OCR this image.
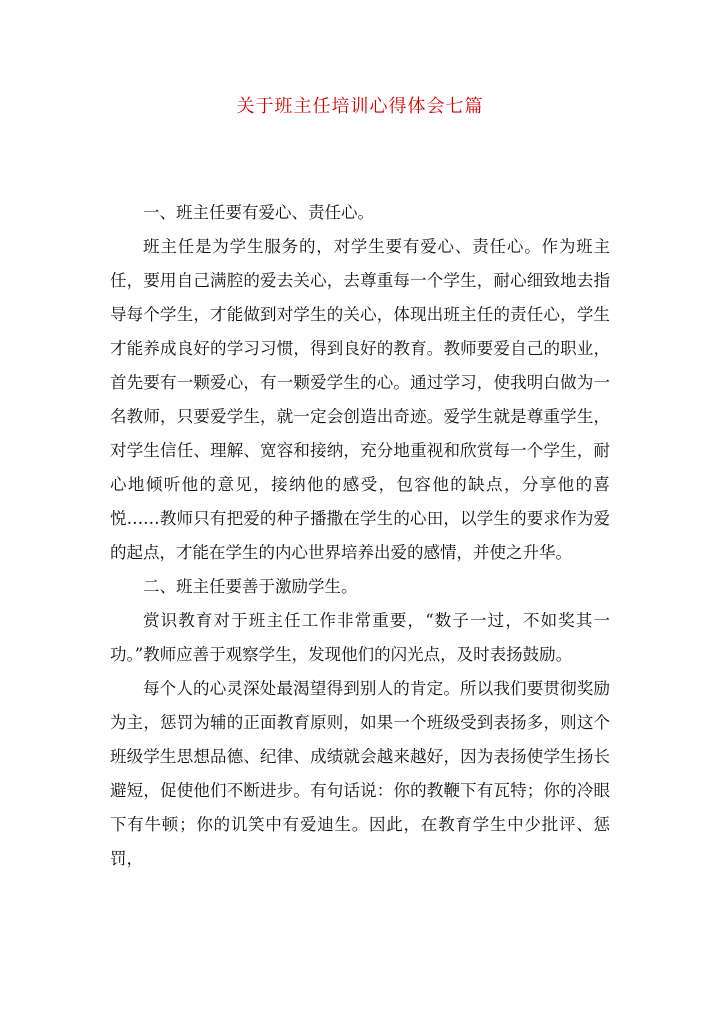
关于班主任培训心得体会七篇

一、班主任要有爱心、责任心。

班主任是为学生服务的，对学生要有爱心、责任心。作为班主任，要用自己满腔的爱去关心，去尊重每一个学生，耐心细致地去指导每个学生，才能做到对学生的关心，体现出班主任的责任心，学生才能养成良好的学习习惯，得到良好的教育。教师要爱自己的职业，首先要有一颗爱心，有一颗爱学生的心。通过学习，使我明白做为一名教师，只要爱学生，就一定会创造出奇迹。爱学生就是尊重学生，对学生信任、理解、宽容和接纳，充分地重视和欣赏每一个学生，耐心地倾听他的意见，接纳他的感受，包容他的缺点，分享他的喜悦……教师只有把爱的种子播撒在学生的心田，以学生的要求作为爱的起点，才能在学生的内心世界培养出爱的感情，并使之升华。

二、班主任要善于激励学生。

赏识教育对于班主任工作非常重要，“数子一过，不如奖其一功。”教师应善于观察学生，发现他们的闪光点，及时表扬鼓励。

每个人的心灵深处最渴望得到别人的肯定。所以我们要贯彻奖励为主，惩罚为辅的正面教育原则，如果一个班级受到表扬多，则这个班级学生思想品德、纪律、成绩就会越来越好，因为表扬使学生扬长避短，促使他们不断进步。有句话说：你的教鞭下有瓦特；你的冷眼下有牛顿；你的讥笑中有爱迪生。因此，在教育学生中少批评、惩罚，
